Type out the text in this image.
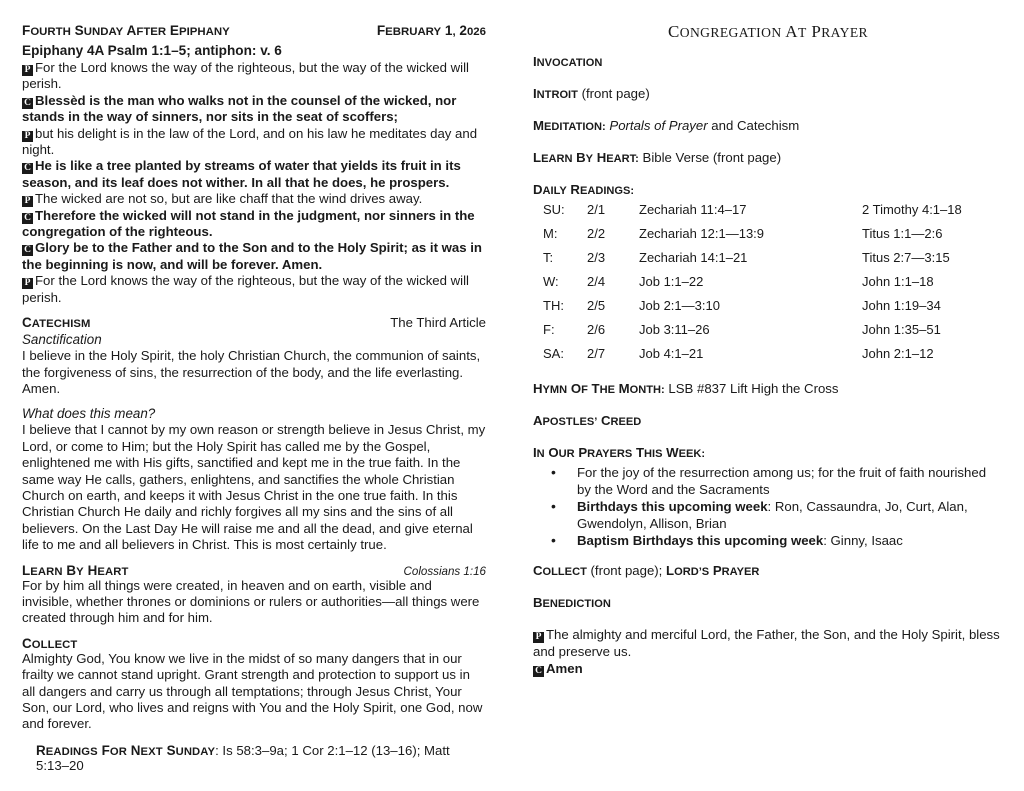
FOURTH SUNDAY AFTER EPIPHANY	FEBRUARY 1, 2026
Epiphany 4A Psalm 1:1–5; antiphon: v. 6

P For the Lord knows the way of the righteous, but the way of the wicked will perish.

C Blessèd is the man who walks not in the counsel of the wicked, nor stands in the way of sinners, nor sits in the seat of scoffers;

P but his delight is in the law of the Lord, and on his law he meditates day and night.

C He is like a tree planted by streams of water that yields its fruit in its season, and its leaf does not wither. In all that he does, he prospers.

P The wicked are not so, but are like chaff that the wind drives away.

C Therefore the wicked will not stand in the judgment, nor sinners in the congregation of the righteous.

C Glory be to the Father and to the Son and to the Holy Spirit; as it was in the beginning is now, and will be forever. Amen.

P For the Lord knows the way of the righteous, but the way of the wicked will perish.

CATECHISM	The Third Article
Sanctification

I believe in the Holy Spirit, the holy Christian Church, the communion of saints, the forgiveness of sins, the resurrection of the body, and the life everlasting. Amen.

What does this mean?

I believe that I cannot by my own reason or strength believe in Jesus Christ, my Lord, or come to Him; but the Holy Spirit has called me by the Gospel, enlightened me with His gifts, sanctified and kept me in the true faith. In the same way He calls, gathers, enlightens, and sanctifies the whole Christian Church on earth, and keeps it with Jesus Christ in the one true faith. In this Christian Church He daily and richly forgives all my sins and the sins of all believers. On the Last Day He will raise me and all the dead, and give eternal life to me and all believers in Christ. This is most certainly true.

LEARN BY HEART	Colossians 1:16

For by him all things were created, in heaven and on earth, visible and invisible, whether thrones or dominions or rulers or authorities—all things were created through him and for him.

COLLECT

Almighty God, You know we live in the midst of so many dangers that in our frailty we cannot stand upright. Grant strength and protection to support us in all dangers and carry us through all temptations; through Jesus Christ, Your Son, our Lord, who lives and reigns with You and the Holy Spirit, one God, now and forever.

READINGS FOR NEXT SUNDAY: Is 58:3–9a; 1 Cor 2:1–12 (13–16); Matt 5:13–20
CONGREGATION AT PRAYER
INVOCATION
INTROIT (front page)
MEDITATION: Portals of Prayer and Catechism
LEARN BY HEART: Bible Verse (front page)
DAILY READINGS:
SU:	2/1	Zechariah 11:4–17	2 Timothy 4:1–18
M:	2/2	Zechariah 12:1—13:9	Titus 1:1—2:6
T:	2/3	Zechariah 14:1–21	Titus 2:7—3:15
W:	2/4	Job 1:1–22	John 1:1–18
TH:	2/5	Job 2:1—3:10	John 1:19–34
F:	2/6	Job 3:11–26	John 1:35–51
SA:	2/7	Job 4:1–21	John 2:1–12
HYMN OF THE MONTH: LSB #837 Lift High the Cross
APOSTLES’ CREED
IN OUR PRAYERS THIS WEEK:
• For the joy of the resurrection among us; for the fruit of faith nourished by the Word and the Sacraments
• Birthdays this upcoming week: Ron, Cassaundra, Jo, Curt, Alan, Gwendolyn, Allison, Brian
• Baptism Birthdays this upcoming week: Ginny, Isaac
COLLECT (front page); LORD’S PRAYER
BENEDICTION

P The almighty and merciful Lord, the Father, the Son, and the Holy Spirit, bless and preserve us.

C Amen
